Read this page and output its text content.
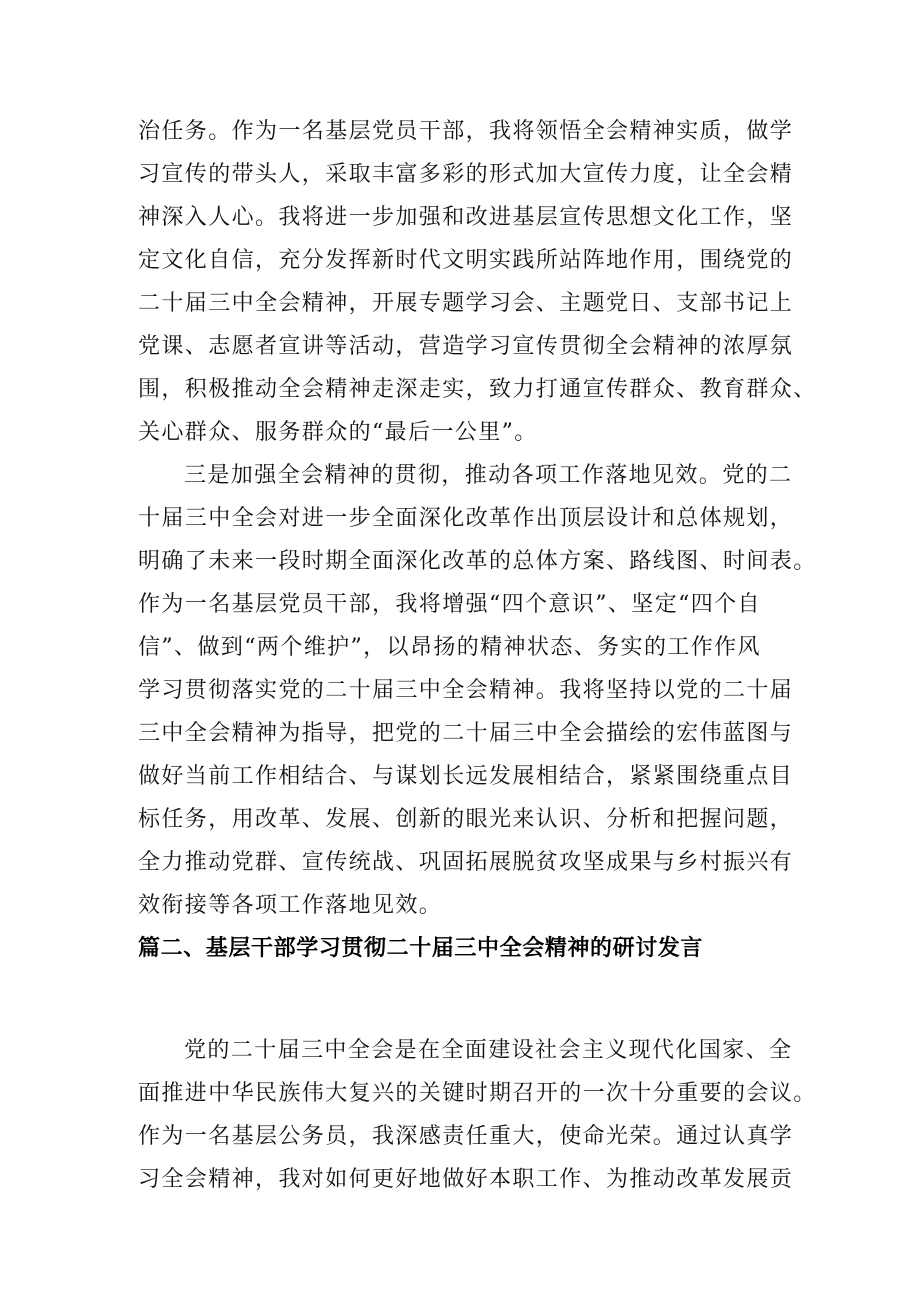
治任务。作为一名基层党员干部，我将领悟全会精神实质，做学

习宣传的带头人，采取丰富多彩的形式加大宣传力度，让全会精

神深入人心。我将进一步加强和改进基层宣传思想文化工作，坚

定文化自信，充分发挥新时代文明实践所站阵地作用，围绕党的

二十届三中全会精神，开展专题学习会、主题党日、支部书记上

党课、志愿者宣讲等活动，营造学习宣传贯彻全会精神的浓厚氛

围，积极推动全会精神走深走实，致力打通宣传群众、教育群众、

关心群众、服务群众的“最后一公里”。

三是加强全会精神的贯彻，推动各项工作落地见效。党的二

十届三中全会对进一步全面深化改革作出顶层设计和总体规划，

明确了未来一段时期全面深化改革的总体方案、路线图、时间表。

作为一名基层党员干部，我将增强“四个意识”、坚定“四个自

信”、做到“两个维护”，以昂扬的精神状态、务实的工作作风

学习贯彻落实党的二十届三中全会精神。我将坚持以党的二十届

三中全会精神为指导，把党的二十届三中全会描绘的宏伟蓝图与

做好当前工作相结合、与谋划长远发展相结合，紧紧围绕重点目

标任务，用改革、发展、创新的眼光来认识、分析和把握问题，

全力推动党群、宣传统战、巩固拓展脱贫攻坚成果与乡村振兴有

效衔接等各项工作落地见效。

篇二、基层干部学习贯彻二十届三中全会精神的研讨发言

党的二十届三中全会是在全面建设社会主义现代化国家、全

面推进中华民族伟大复兴的关键时期召开的一次十分重要的会议。

作为一名基层公务员，我深感责任重大，使命光荣。通过认真学

习全会精神，我对如何更好地做好本职工作、为推动改革发展贡
